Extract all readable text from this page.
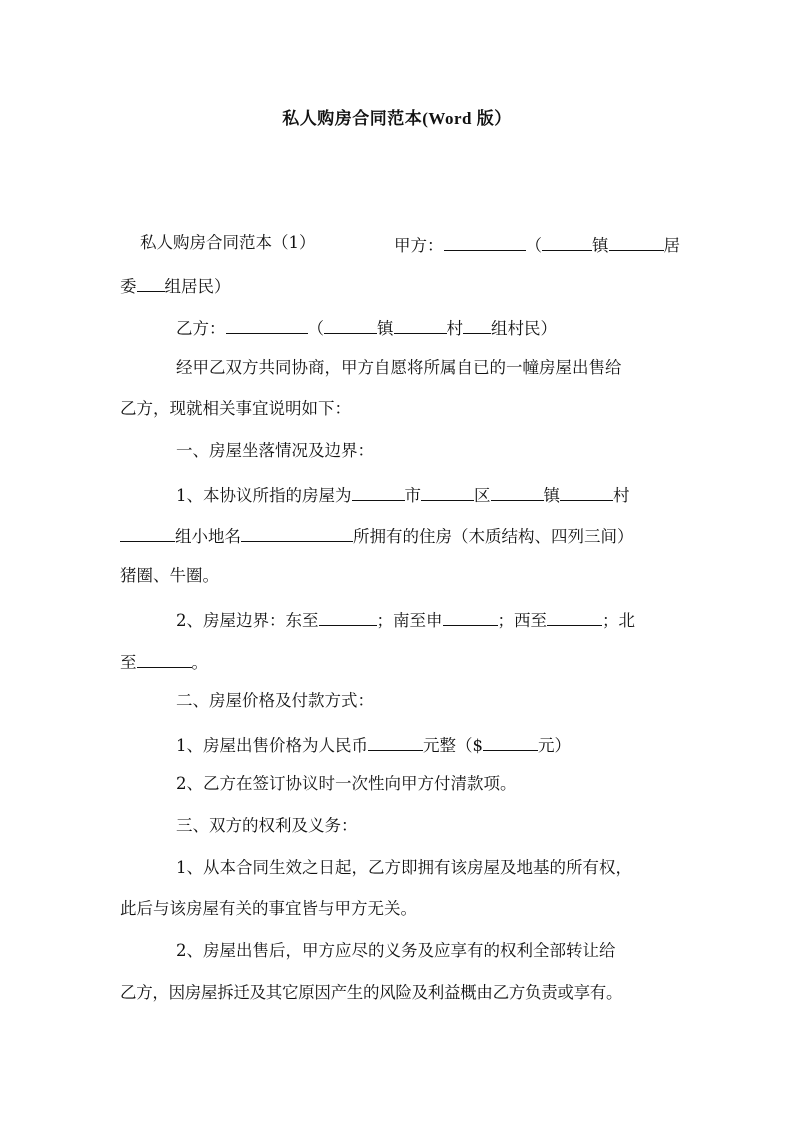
私人购房合同范本(Word 版）
私人购房合同范本（1）	甲方：	（	镇	居
委 组居民）
乙方：	（	镇	村 组村民）
经甲乙双方共同协商，甲方自愿将所属自已的一幢房屋出售给
乙方，现就相关事宜说明如下：
一、房屋坐落情况及边界：
1、本协议所指的房屋为	市	区	镇	村
组小地名	所拥有的住房（木质结构、四列三间）
猪圈、牛圈。
2、房屋边界：东至	；南至申	；西至	；北
至	。
二、房屋价格及付款方式：
1、房屋出售价格为人民币	元整（$	元）
2、乙方在签订协议时一次性向甲方付清款项。
三、双方的权利及义务：
1、从本合同生效之日起，乙方即拥有该房屋及地基的所有权，
此后与该房屋有关的事宜皆与甲方无关。
2、房屋出售后，甲方应尽的义务及应享有的权利全部转让给
乙方，因房屋拆迁及其它原因产生的风险及利益概由乙方负责或享有。
